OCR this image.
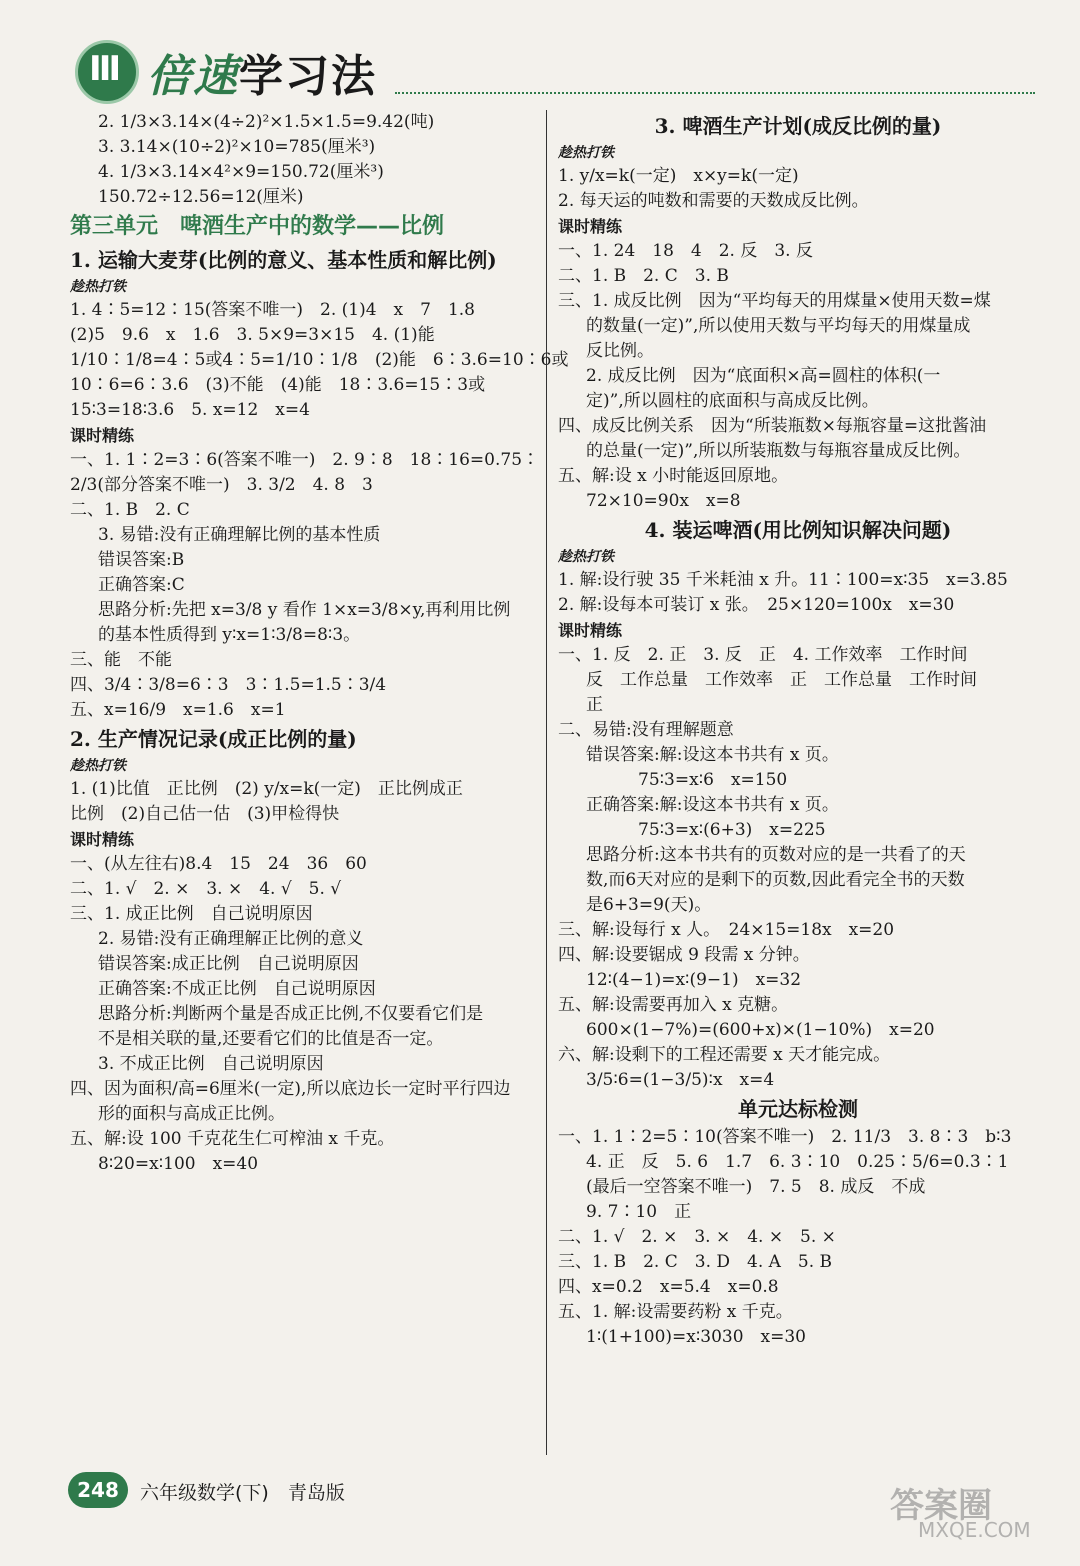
Ⅲ 倍速学习法
2. 1/3×3.14×(4÷2)²×1.5×1.5=9.42(吨)
3. 3.14×(10÷2)²×10=785(厘米³)
4. 1/3×3.14×4²×9=150.72(厘米³)
150.72÷12.56=12(厘米)
第三单元　啤酒生产中的数学——比例
1. 运输大麦芽(比例的意义、基本性质和解比例)
趁热打铁
1. 4∶5=12∶15(答案不唯一)　2. (1)4　x　7　1.8
(2)5　9.6　x　1.6　3. 5×9=3×15　4. (1)能
1/10∶1/8=4∶5或4∶5=1/10∶1/8　(2)能　6∶3.6=10∶6或
10∶6=6∶3.6　(3)不能　(4)能　18∶3.6=15∶3或
15∶3=18∶3.6　5. x=12　x=4
课时精练
一、1. 1∶2=3∶6(答案不唯一)　2. 9∶8　18∶16=0.75∶
2/3(部分答案不唯一)　3. 3/2　4. 8　3
二、1. B　2. C
3. 易错:没有正确理解比例的基本性质
错误答案:B
正确答案:C
思路分析:先把 x=3/8 y 看作 1×x=3/8×y,再利用比例
的基本性质得到 y∶x=1∶3/8=8∶3。
三、能　不能
四、3/4∶3/8=6∶3　3∶1.5=1.5∶3/4
五、x=16/9　x=1.6　x=1
2. 生产情况记录(成正比例的量)
趁热打铁
1. (1)比值　正比例　(2) y/x=k(一定)　正比例成正
比例　(2)自己估一估　(3)甲检得快
课时精练
一、(从左往右)8.4　15　24　36　60
二、1. √　2. ×　3. ×　4. √　5. √
三、1. 成正比例　自己说明原因
2. 易错:没有正确理解正比例的意义
错误答案:成正比例　自己说明原因
正确答案:不成正比例　自己说明原因
思路分析:判断两个量是否成正比例,不仅要看它们是
不是相关联的量,还要看它们的比值是否一定。
3. 不成正比例　自己说明原因
四、因为面积/高=6厘米(一定),所以底边长一定时平行四边
形的面积与高成正比例。
五、解:设 100 千克花生仁可榨油 x 千克。
8∶20=x∶100　x=40
3. 啤酒生产计划(成反比例的量)
趁热打铁
1. y/x=k(一定)　x×y=k(一定)
2. 每天运的吨数和需要的天数成反比例。
课时精练
一、1. 24　18　4　2. 反　3. 反
二、1. B　2. C　3. B
三、1. 成反比例　因为“平均每天的用煤量×使用天数=煤
的数量(一定)”,所以使用天数与平均每天的用煤量成
反比例。
2. 成反比例　因为“底面积×高=圆柱的体积(一
定)”,所以圆柱的底面积与高成反比例。
四、成反比例关系　因为“所装瓶数×每瓶容量=这批酱油
的总量(一定)”,所以所装瓶数与每瓶容量成反比例。
五、解:设 x 小时能返回原地。
72×10=90x　x=8
4. 装运啤酒(用比例知识解决问题)
趁热打铁
1. 解:设行驶 35 千米耗油 x 升。11∶100=x∶35　x=3.85
2. 解:设每本可装订 x 张。　25×120=100x　x=30
课时精练
一、1. 反　2. 正　3. 反　正　4. 工作效率　工作时间
反　工作总量　工作效率　正　工作总量　工作时间
正
二、易错:没有理解题意
错误答案:解:设这本书共有 x 页。
75∶3=x∶6　x=150
正确答案:解:设这本书共有 x 页。
75∶3=x∶(6+3)　x=225
思路分析:这本书共有的页数对应的是一共看了的天
数,而6天对应的是剩下的页数,因此看完全书的天数
是6+3=9(天)。
三、解:设每行 x 人。　24×15=18x　x=20
四、解:设要锯成 9 段需 x 分钟。
12∶(4−1)=x∶(9−1)　x=32
五、解:设需要再加入 x 克糖。
600×(1−7%)=(600+x)×(1−10%)　x=20
六、解:设剩下的工程还需要 x 天才能完成。
3/5∶6=(1−3/5)∶x　x=4
单元达标检测
一、1. 1∶2=5∶10(答案不唯一)　2. 11/3　3. 8∶3　b∶3
4. 正　反　5. 6　1.7　6. 3∶10　0.25∶5/6=0.3∶1
(最后一空答案不唯一)　7. 5　8. 成反　不成
9. 7∶10　正
二、1. √　2. ×　3. ×　4. ×　5. ×
三、1. B　2. C　3. D　4. A　5. B
四、x=0.2　x=5.4　x=0.8
五、1. 解:设需要药粉 x 千克。
1∶(1+100)=x∶3030　x=30
248	六年级数学(下)　青岛版	答案圈
MXQE.COM
